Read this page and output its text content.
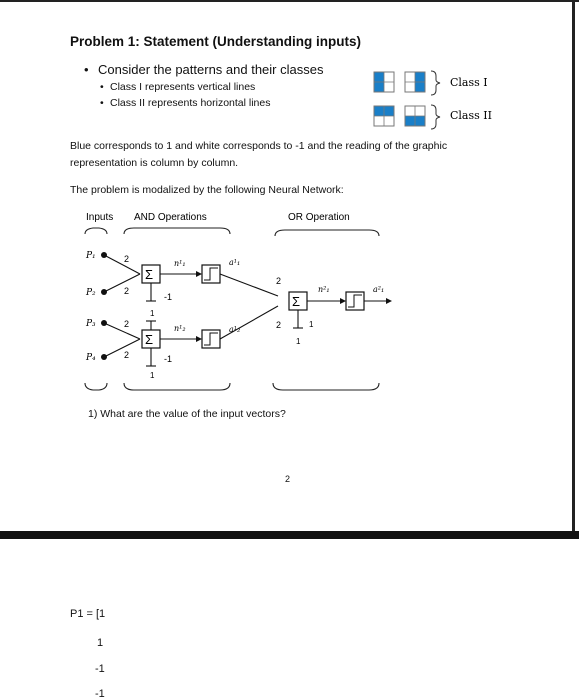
Problem 1: Statement (Understanding inputs)
• Consider the patterns and their classes
• Class I represents vertical lines
• Class II represents horizontal lines
Blue corresponds to 1 and white corresponds to -1 and the reading of the graphic
representation is column by column.
The problem is modalized by the following Neural Network:
Class I
Class II
Inputs AND Operations	OR Operation
P₁
P₂
P₃
P₄
2
2
2
2
Σ
-1
n¹₁	a¹₁
2
1
Σ
-1
1
n¹₂	a¹₂	2
Σ
1
1
n²₁	a²₁
1) What are the value of the input vectors?
2
P1 = [1
1
-1
-1
